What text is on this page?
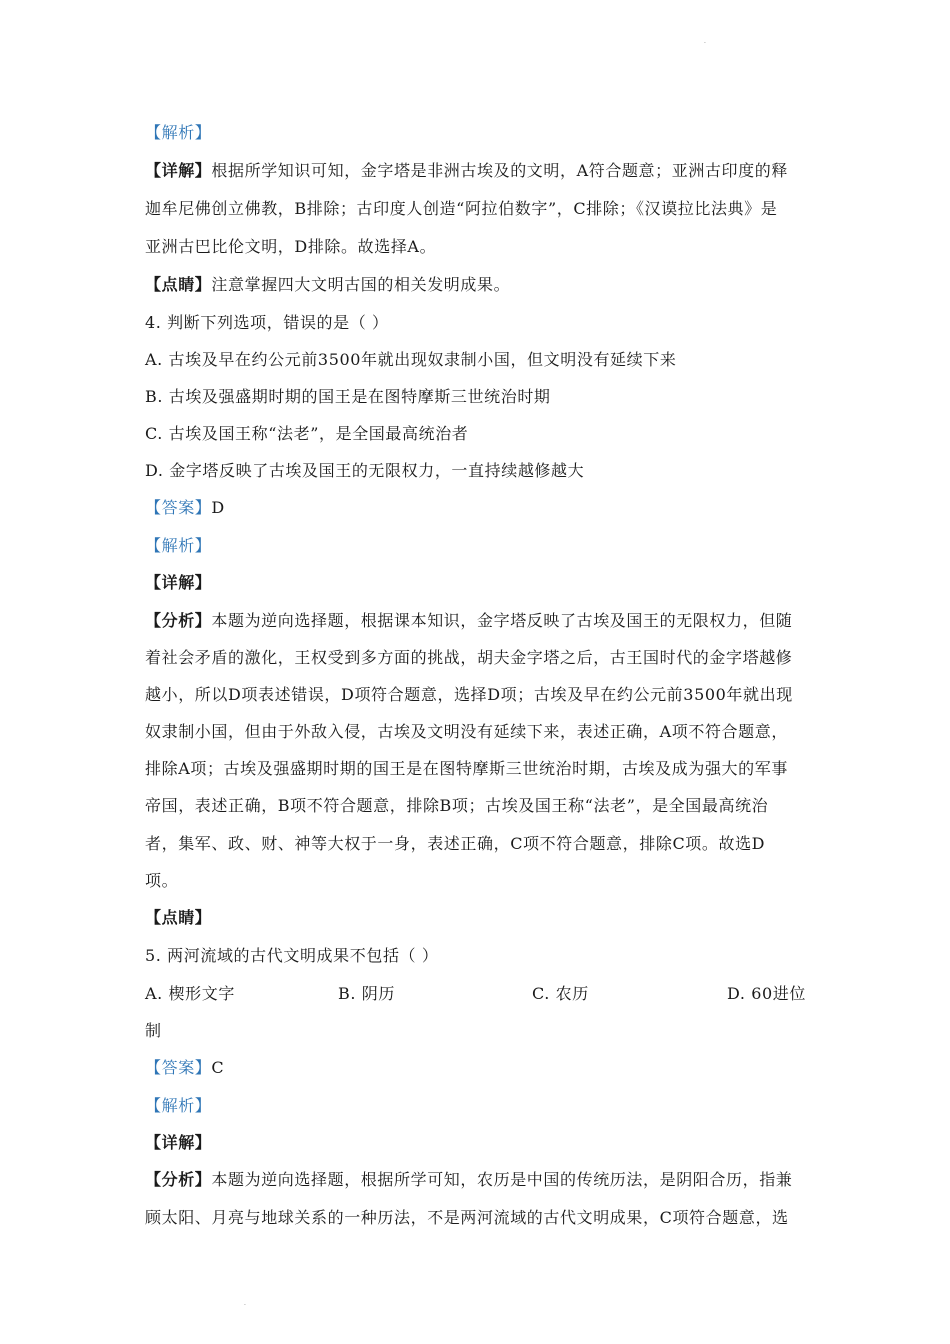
·
【解析】
【详解】根据所学知识可知，金字塔是非洲古埃及的文明，A符合题意；亚洲古印度的释
迦牟尼佛创立佛教，B排除；古印度人创造“阿拉伯数字”，C排除；《汉谟拉比法典》是
亚洲古巴比伦文明，D排除。故选择A。
【点睛】注意掌握四大文明古国的相关发明成果。
4. 判断下列选项，错误的是（ ）
A. 古埃及早在约公元前3500年就出现奴隶制小国，但文明没有延续下来
B. 古埃及强盛期时期的国王是在图特摩斯三世统治时期
C. 古埃及国王称“法老”，是全国最高统治者
D. 金字塔反映了古埃及国王的无限权力，一直持续越修越大
【答案】D
【解析】
【详解】
【分析】本题为逆向选择题，根据课本知识，金字塔反映了古埃及国王的无限权力，但随
着社会矛盾的激化，王权受到多方面的挑战，胡夫金字塔之后，古王国时代的金字塔越修
越小，所以D项表述错误，D项符合题意，选择D项；古埃及早在约公元前3500年就出现
奴隶制小国，但由于外敌入侵，古埃及文明没有延续下来，表述正确，A项不符合题意，
排除A项；古埃及强盛期时期的国王是在图特摩斯三世统治时期，古埃及成为强大的军事
帝国，表述正确，B项不符合题意，排除B项；古埃及国王称“法老”，是全国最高统治
者，集军、政、财、神等大权于一身，表述正确，C项不符合题意，排除C项。故选D
项。
【点睛】
5. 两河流域的古代文明成果不包括（ ）
A. 楔形文字	B. 阴历	C. 农历	D. 60进位
制
【答案】C
【解析】
【详解】
【分析】本题为逆向选择题，根据所学可知，农历是中国的传统历法，是阴阳合历，指兼
顾太阳、月亮与地球关系的一种历法，不是两河流域的古代文明成果，C项符合题意，选
·
